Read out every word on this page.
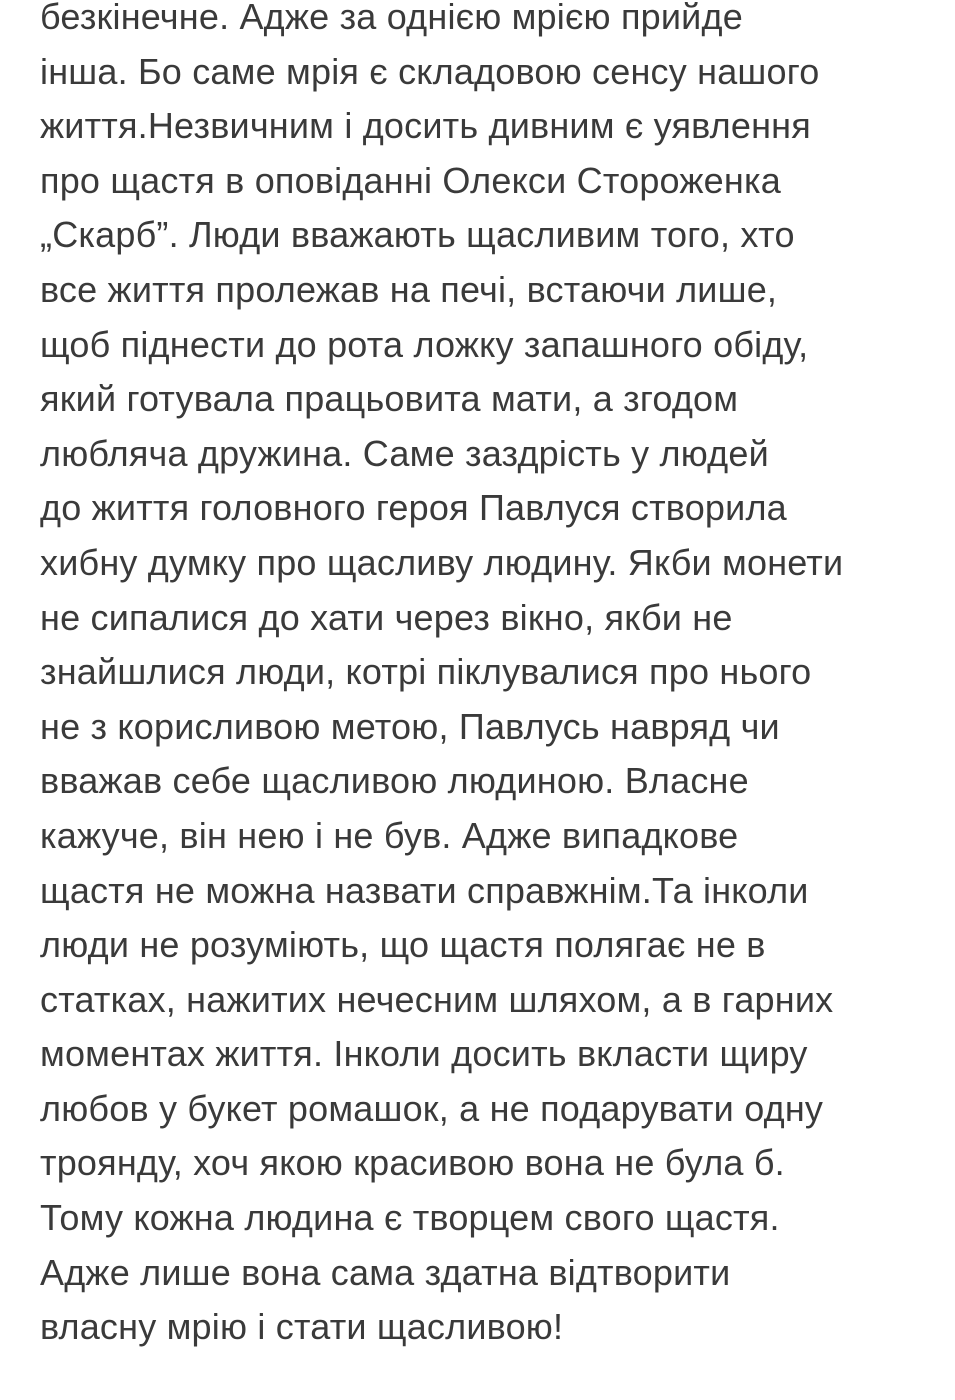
безкінечне. Адже за однією мрією прийде
інша. Бо саме мрія є складовою сенсу нашого
життя.Незвичним і досить дивним є уявлення
про щастя в оповіданні Олекси Стороженка
„Скарб”. Люди вважають щасливим того, хто
все життя пролежав на печі, встаючи лише,
щоб піднести до рота ложку запашного обіду,
який готувала працьовита мати, а згодом
любляча дружина. Саме заздрість у людей
до життя головного героя Павлуся створила
хибну думку про щасливу людину. Якби монети
не сипалися до хати через вікно, якби не
знайшлися люди, котрі піклувалися про нього
не з корисливою метою, Павлусь навряд чи
вважав себе щасливою людиною. Власне
кажуче, він нею і не був. Адже випадкове
щастя не можна назвати справжнім.Та інколи
люди не розуміють, що щастя полягає не в
статках, нажитих нечесним шляхом, а в гарних
моментах життя. Інколи досить вкласти щиру
любов у букет ромашок, а не подарувати одну
троянду, хоч якою красивою вона не була б.
Тому кожна людина є творцем свого щастя.
Адже лише вона сама здатна відтворити
власну мрію і стати щасливою!
